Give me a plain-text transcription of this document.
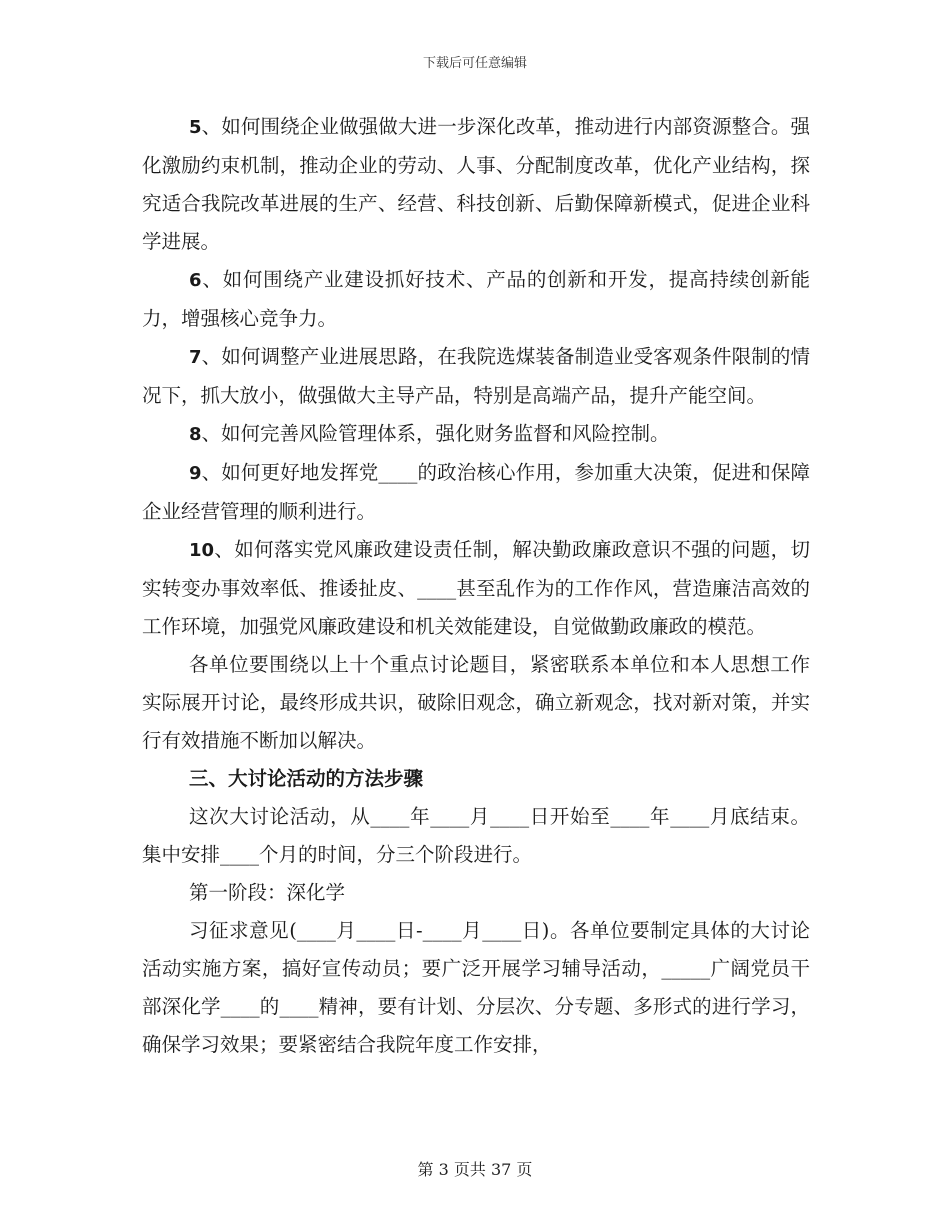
下载后可任意编辑

5、如何围绕企业做强做大进一步深化改革，推动进行内部资源整合。强化激励约束机制，推动企业的劳动、人事、分配制度改革，优化产业结构，探究适合我院改革进展的生产、经营、科技创新、后勤保障新模式，促进企业科学进展。

6、如何围绕产业建设抓好技术、产品的创新和开发，提高持续创新能力，增强核心竞争力。

7、如何调整产业进展思路，在我院选煤装备制造业受客观条件限制的情况下，抓大放小，做强做大主导产品，特别是高端产品，提升产能空间。

8、如何完善风险管理体系，强化财务监督和风险控制。

9、如何更好地发挥党____的政治核心作用，参加重大决策，促进和保障企业经营管理的顺利进行。

10、如何落实党风廉政建设责任制，解决勤政廉政意识不强的问题，切实转变办事效率低、推诿扯皮、____甚至乱作为的工作作风，营造廉洁高效的工作环境，加强党风廉政建设和机关效能建设，自觉做勤政廉政的模范。

各单位要围绕以上十个重点讨论题目，紧密联系本单位和本人思想工作实际展开讨论，最终形成共识，破除旧观念，确立新观念，找对新对策，并实行有效措施不断加以解决。

三、大讨论活动的方法步骤

这次大讨论活动，从____年____月____日开始至____年____月底结束。集中安排____个月的时间，分三个阶段进行。

第一阶段：深化学

习征求意见(____月____日-____月____日)。各单位要制定具体的大讨论活动实施方案，搞好宣传动员；要广泛开展学习辅导活动，_____广阔党员干部深化学____的____精神，要有计划、分层次、分专题、多形式的进行学习，确保学习效果；要紧密结合我院年度工作安排，

第 3 页共 37 页
